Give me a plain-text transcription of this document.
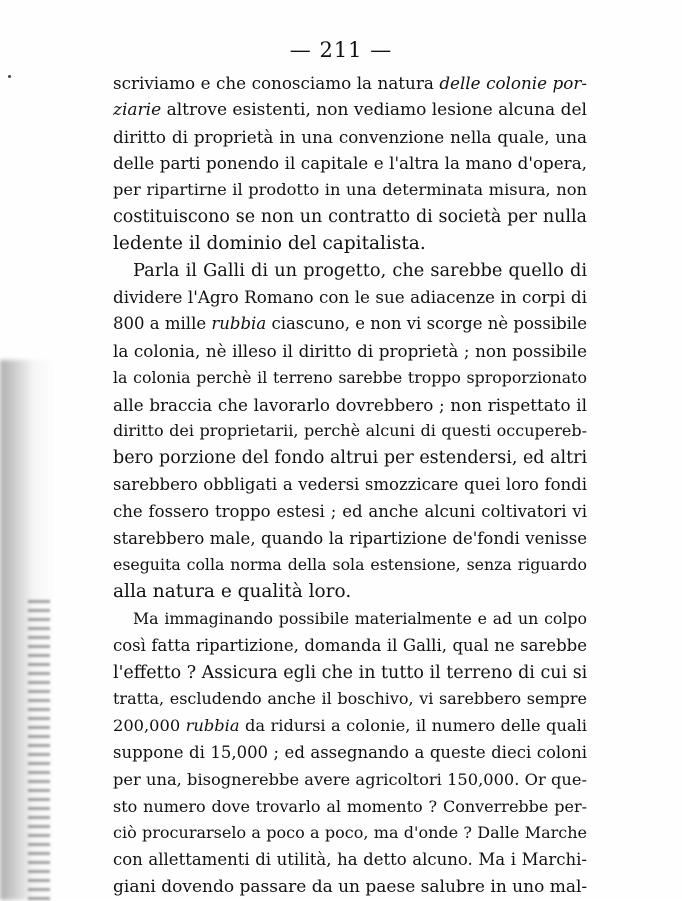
— 211 —
scriviamo e che conosciamo la natura delle colonie por-
ziarie altrove esistenti, non vediamo lesione alcuna del
diritto di proprietà in una convenzione nella quale, una
delle parti ponendo il capitale e l'altra la mano d'opera,
per ripartirne il prodotto in una determinata misura, non
costituiscono se non un contratto di società per nulla
ledente il dominio del capitalista.
Parla il Galli di un progetto, che sarebbe quello di
dividere l'Agro Romano con le sue adiacenze in corpi di
800 a mille rubbia ciascuno, e non vi scorge nè possibile
la colonia, nè illeso il diritto di proprietà ; non possibile
la colonia perchè il terreno sarebbe troppo sproporzionato
alle braccia che lavorarlo dovrebbero ; non rispettato il
diritto dei proprietarii, perchè alcuni di questi occuperеb-
bero porzione del fondo altrui per estendersi, ed altri
sarebbero obbligati a vedersi smozzicare quei loro fondi
che fossero troppo estesi ; ed anche alcuni coltivatori vi
starebbero male, quando la ripartizione de'fondi venisse
eseguita colla norma della sola estensione, senza riguardo
alla natura e qualità loro.
Ma immaginando possibile materialmente e ad un colpo
così fatta ripartizione, domanda il Galli, qual ne sarebbe
l'effetto ? Assicura egli che in tutto il terreno di cui si
tratta, escludendo anche il boschivo, vi sarebbero sempre
200,000 rubbia da ridursi a colonie, il numero delle quali
suppone di 15,000 ; ed assegnando a queste dieci coloni
per una, bisognerebbe avere agricoltori 150,000. Or que-
sto numero dove trovarlo al momento ? Converrebbe per-
ciò procurarselo a poco a poco, ma d'onde ? Dalle Marche
con allettamenti di utilità, ha detto alcuno. Ma i Marchi-
giani dovendo passare da un paese salubre in uno mal-
